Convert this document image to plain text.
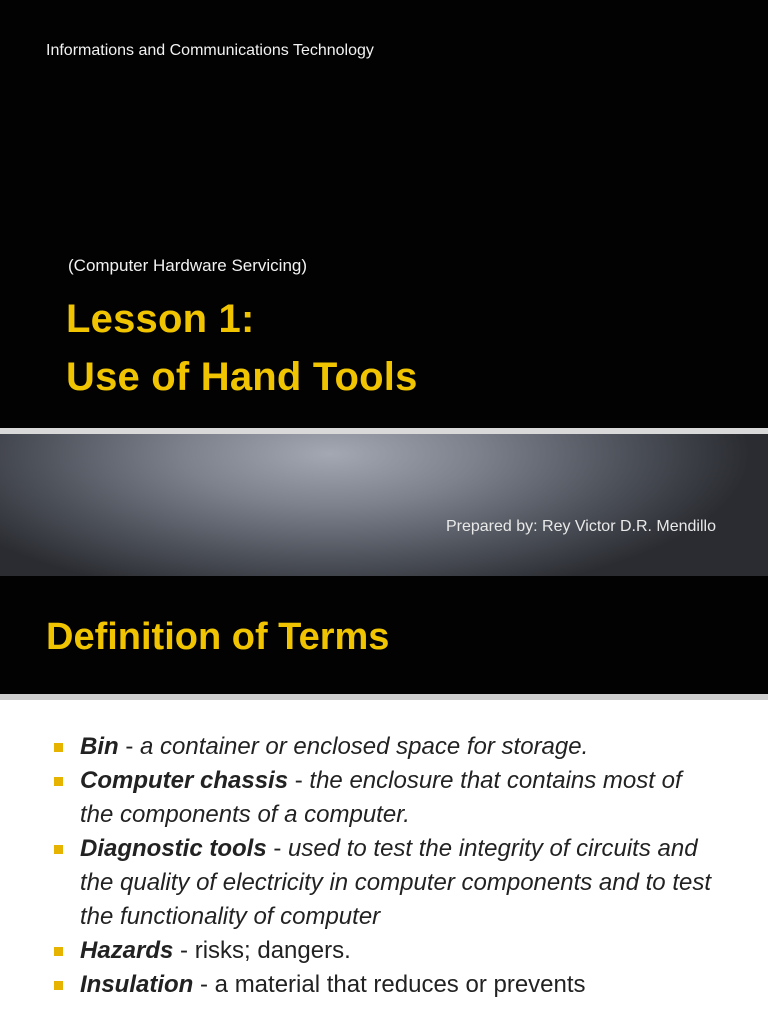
Informations and Communications Technology
(Computer Hardware Servicing)
Lesson 1:
Use of Hand Tools
Prepared by: Rey Victor D.R. Mendillo
Definition of Terms
Bin - a container or enclosed space for storage.
Computer chassis - the enclosure that contains most of the components of a computer.
Diagnostic tools - used to test the integrity of circuits and the quality of electricity in computer components and to test the functionality of computer
Hazards - risks; dangers.
Insulation - a material that reduces or prevents
